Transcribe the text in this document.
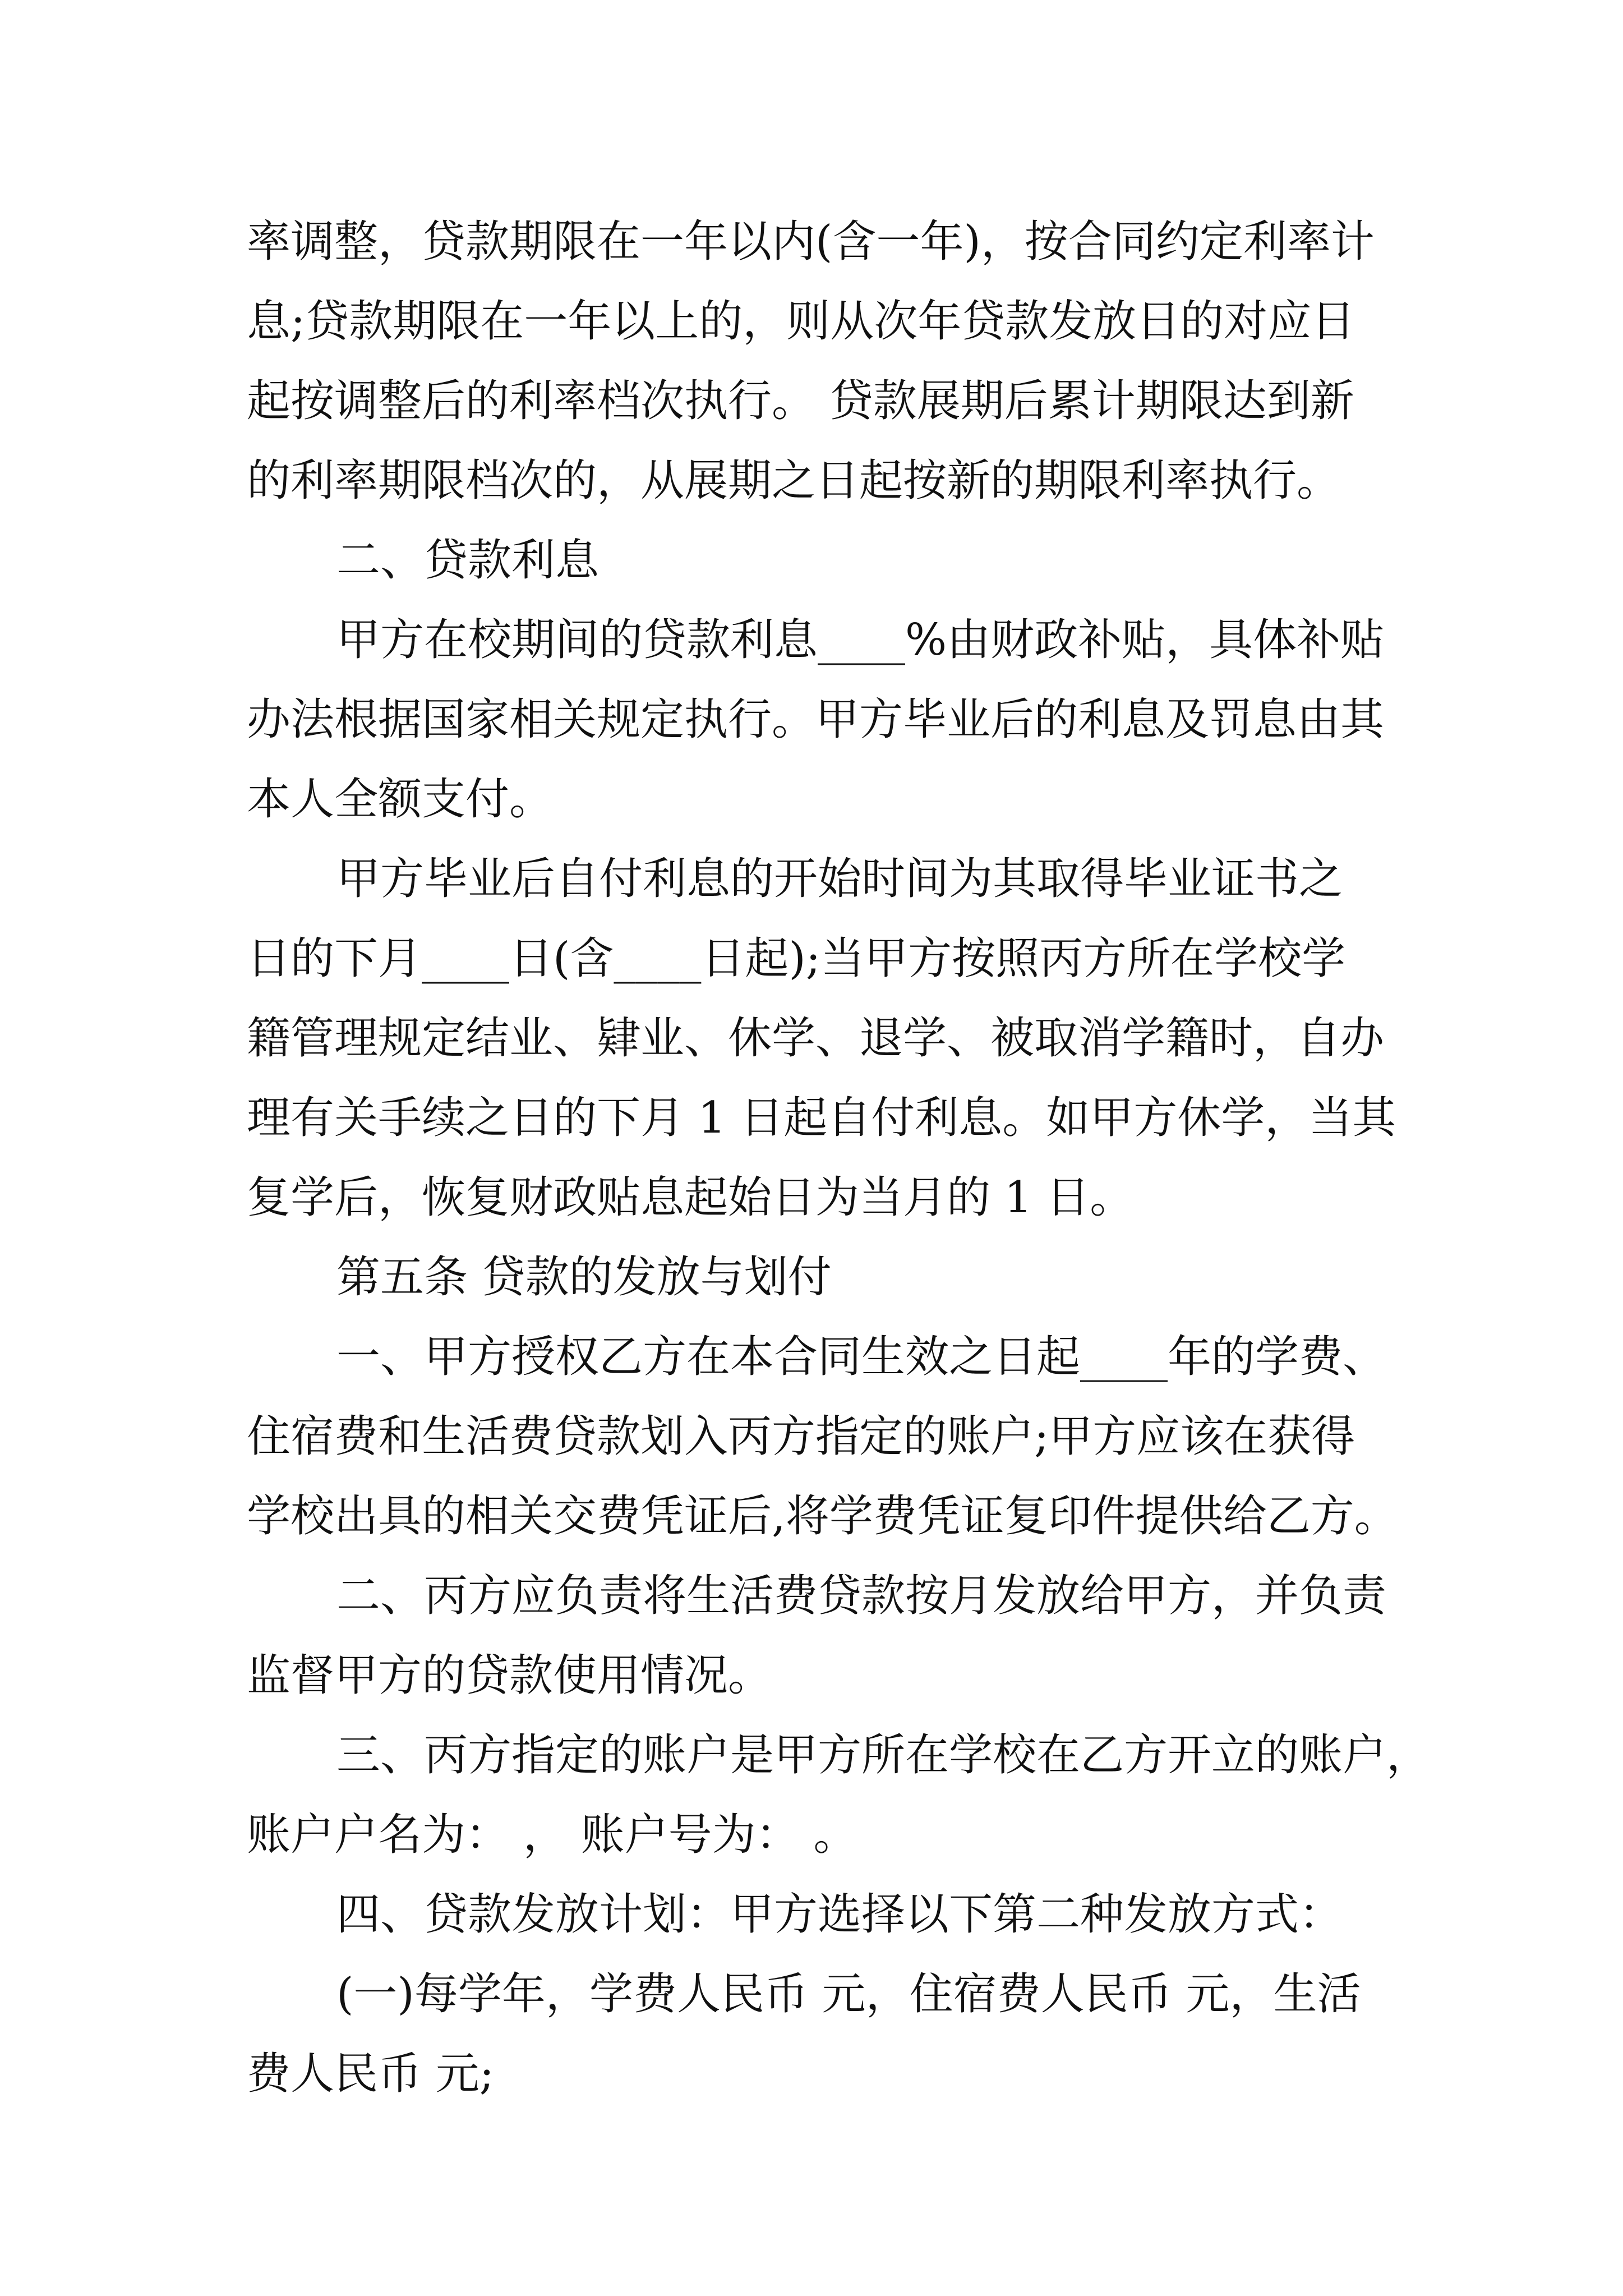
率调整，贷款期限在一年以内(含一年)，按合同约定利率计
息;贷款期限在一年以上的，则从次年贷款发放日的对应日
起按调整后的利率档次执行。 贷款展期后累计期限达到新
的利率期限档次的，从展期之日起按新的期限利率执行。
二、贷款利息
甲方在校期间的贷款利息____%由财政补贴，具体补贴
办法根据国家相关规定执行。甲方毕业后的利息及罚息由其
本人全额支付。
甲方毕业后自付利息的开始时间为其取得毕业证书之
日的下月____日(含____日起);当甲方按照丙方所在学校学
籍管理规定结业、肄业、休学、退学、被取消学籍时，自办
理有关手续之日的下月 1 日起自付利息。如甲方休学，当其
复学后，恢复财政贴息起始日为当月的 1 日。
第五条 贷款的发放与划付
一、甲方授权乙方在本合同生效之日起____年的学费、
住宿费和生活费贷款划入丙方指定的账户;甲方应该在获得
学校出具的相关交费凭证后,将学费凭证复印件提供给乙方。
二、丙方应负责将生活费贷款按月发放给甲方，并负责
监督甲方的贷款使用情况。
三、丙方指定的账户是甲方所在学校在乙方开立的账户，
账户户名为： ， 账户号为： 。
四、贷款发放计划：甲方选择以下第二种发放方式：
(一)每学年，学费人民币 元，住宿费人民币 元，生活
费人民币 元;
